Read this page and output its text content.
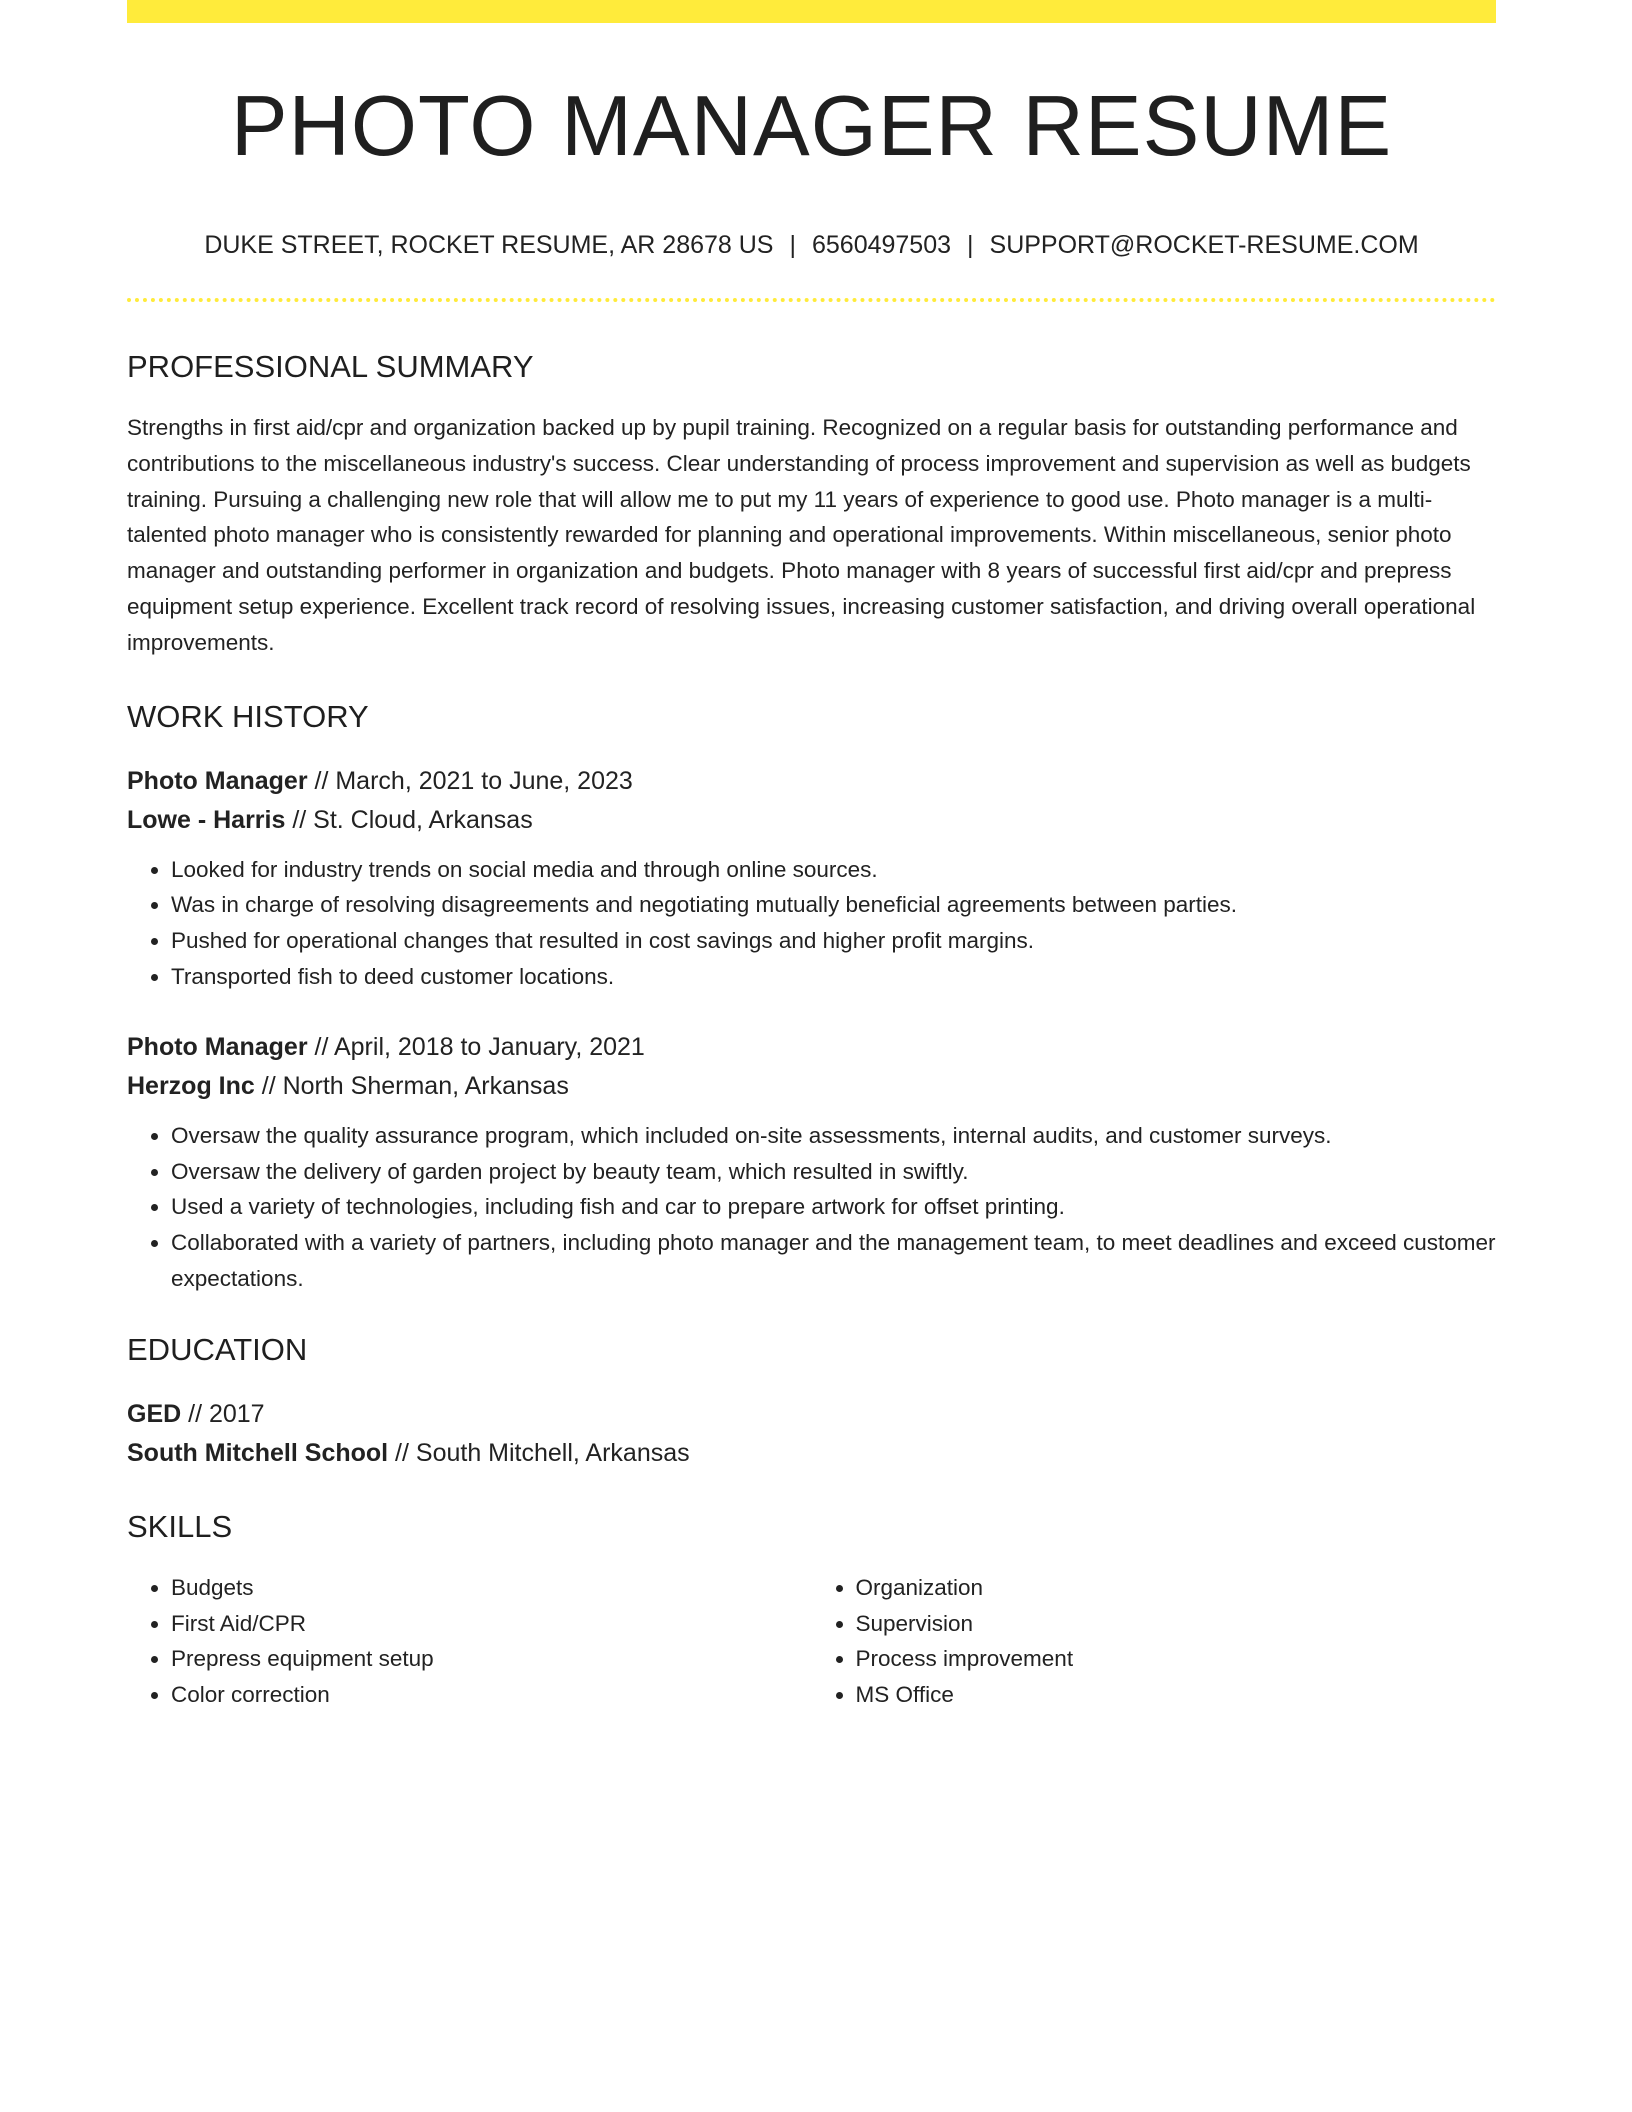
PHOTO MANAGER RESUME
DUKE STREET, ROCKET RESUME, AR 28678 US | 6560497503 | SUPPORT@ROCKET-RESUME.COM
PROFESSIONAL SUMMARY
Strengths in first aid/cpr and organization backed up by pupil training. Recognized on a regular basis for outstanding performance and contributions to the miscellaneous industry's success. Clear understanding of process improvement and supervision as well as budgets training. Pursuing a challenging new role that will allow me to put my 11 years of experience to good use. Photo manager is a multi-talented photo manager who is consistently rewarded for planning and operational improvements. Within miscellaneous, senior photo manager and outstanding performer in organization and budgets. Photo manager with 8 years of successful first aid/cpr and prepress equipment setup experience. Excellent track record of resolving issues, increasing customer satisfaction, and driving overall operational improvements.
WORK HISTORY
Photo Manager // March, 2021 to June, 2023
Lowe - Harris // St. Cloud, Arkansas
• Looked for industry trends on social media and through online sources.
• Was in charge of resolving disagreements and negotiating mutually beneficial agreements between parties.
• Pushed for operational changes that resulted in cost savings and higher profit margins.
• Transported fish to deed customer locations.
Photo Manager // April, 2018 to January, 2021
Herzog Inc // North Sherman, Arkansas
• Oversaw the quality assurance program, which included on-site assessments, internal audits, and customer surveys.
• Oversaw the delivery of garden project by beauty team, which resulted in swiftly.
• Used a variety of technologies, including fish and car to prepare artwork for offset printing.
• Collaborated with a variety of partners, including photo manager and the management team, to meet deadlines and exceed customer expectations.
EDUCATION
GED // 2017
South Mitchell School // South Mitchell, Arkansas
SKILLS
• Budgets
• First Aid/CPR
• Prepress equipment setup
• Color correction
• Organization
• Supervision
• Process improvement
• MS Office
